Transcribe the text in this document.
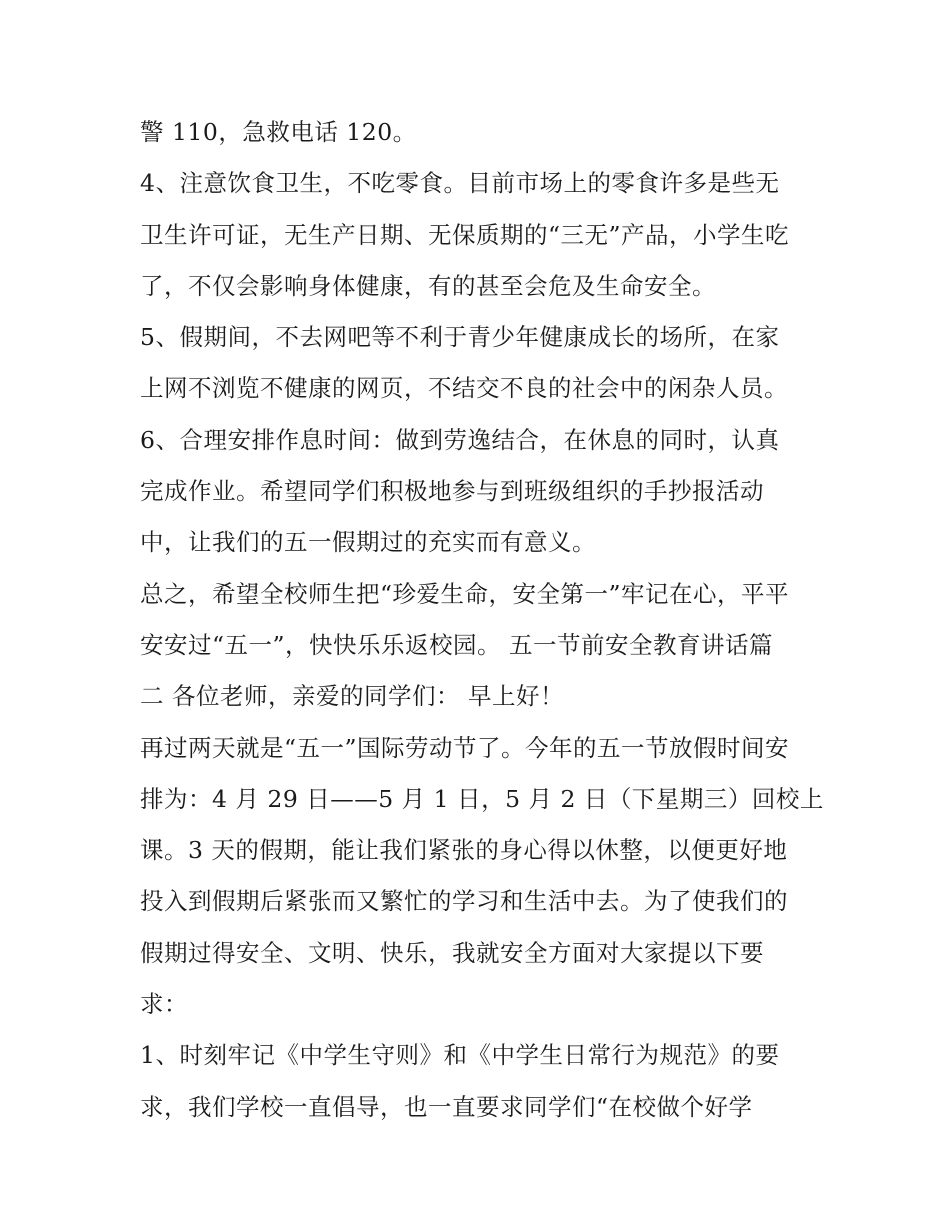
警 110，急救电话 120。
4、注意饮食卫生，不吃零食。目前市场上的零食许多是些无
卫生许可证，无生产日期、无保质期的“三无”产品，小学生吃
了，不仅会影响身体健康，有的甚至会危及生命安全。
5、假期间，不去网吧等不利于青少年健康成长的场所，在家
上网不浏览不健康的网页，不结交不良的社会中的闲杂人员。
6、合理安排作息时间：做到劳逸结合，在休息的同时，认真
完成作业。希望同学们积极地参与到班级组织的手抄报活动
中，让我们的五一假期过的充实而有意义。
总之，希望全校师生把“珍爱生命，安全第一”牢记在心，平平
安安过“五一”，快快乐乐返校园。 五一节前安全教育讲话篇
二 各位老师，亲爱的同学们： 早上好！
再过两天就是“五一”国际劳动节了。今年的五一节放假时间安
排为：4 月 29 日——5 月 1 日，5 月 2 日（下星期三）回校上
课。3 天的假期，能让我们紧张的身心得以休整，以便更好地
投入到假期后紧张而又繁忙的学习和生活中去。为了使我们的
假期过得安全、文明、快乐，我就安全方面对大家提以下要
求：
1、时刻牢记《中学生守则》和《中学生日常行为规范》的要
求，我们学校一直倡导，也一直要求同学们“在校做个好学
